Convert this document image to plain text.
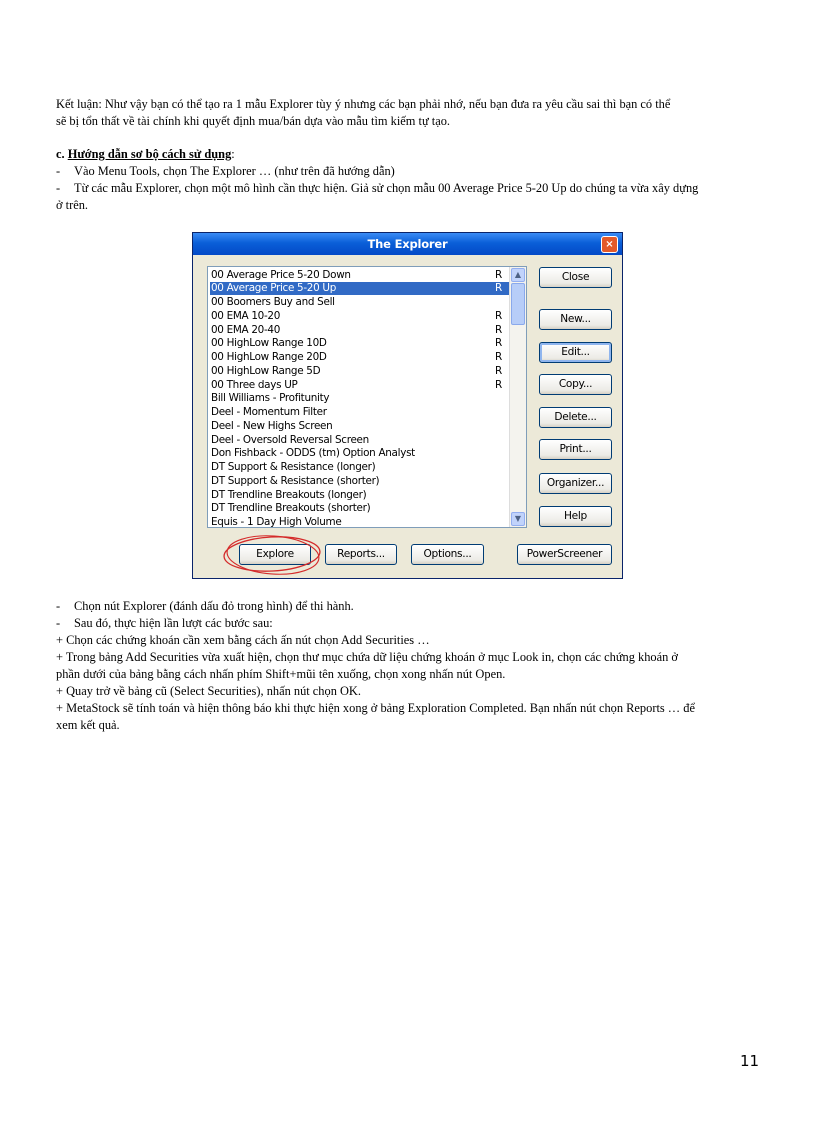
Kết luận: Như vậy bạn có thể tạo ra 1 mẫu Explorer tùy ý nhưng các bạn phải nhớ, nếu bạn đưa ra yêu cầu sai thì bạn có thể
sẽ bị tổn thất về tài chính khi quyết định mua/bán dựa vào mẫu tìm kiếm tự tạo.
c. Hướng dẫn sơ bộ cách sử dụng:
- Vào Menu Tools, chọn The Explorer … (như trên đã hướng dẫn)
- Từ các mẫu Explorer, chọn một mô hình cần thực hiện. Giả sử chọn mẫu 00 Average Price 5-20 Up do chúng ta vừa xây dựng
ở trên.
The Explorer	×
00 Average Price 5-20 Down	R
00 Average Price 5-20 Up	R
00 Boomers Buy and Sell
00 EMA 10-20	R
00 EMA 20-40	R
00 HighLow Range 10D	R
00 HighLow Range 20D	R
00 HighLow Range 5D	R
00 Three days UP	R
Bill Williams - Profitunity
Deel - Momentum Filter
Deel - New Highs Screen
Deel - Oversold Reversal Screen
Don Fishback - ODDS (tm) Option Analyst
DT Support & Resistance (longer)
DT Support & Resistance (shorter)
DT Trendline Breakouts (longer)
DT Trendline Breakouts (shorter)
Equis - 1 Day High Volume
▲
▼
Close
New...
Edit...
Copy...
Delete...
Print...
Organizer...
Help
Explore	Reports...	Options...	PowerScreener
- Chọn nút Explorer (đánh dấu đỏ trong hình) để thi hành.
- Sau đó, thực hiện lần lượt các bước sau:
+ Chọn các chứng khoán cần xem bằng cách ấn nút chọn Add Securities …
+ Trong bảng Add Securities vừa xuất hiện, chọn thư mục chứa dữ liệu chứng khoán ở mục Look in, chọn các chứng khoán ở
phần dưới của bảng bằng cách nhấn phím Shift+mũi tên xuống, chọn xong nhấn nút Open.
+ Quay trở về bảng cũ (Select Securities), nhấn nút chọn OK.
+ MetaStock sẽ tính toán và hiện thông báo khi thực hiện xong ở bảng Exploration Completed. Bạn nhấn nút chọn Reports … để
xem kết quả.
11
